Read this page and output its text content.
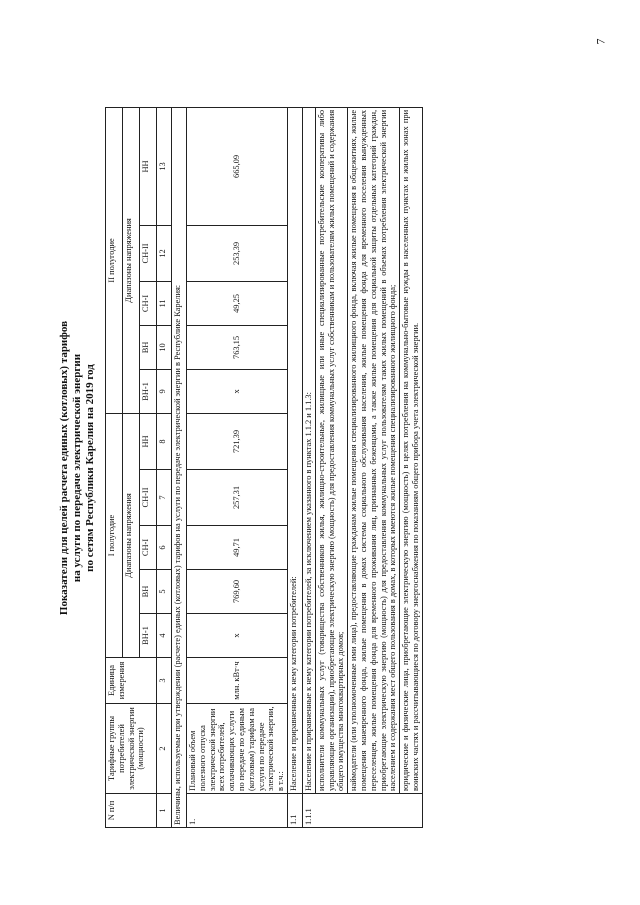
7
Показатели для целей расчета единых (котловых) тарифов на услуги по передаче электрической энергии по сетям Республики Карелия на 2019 год
N п/п	Тарифные группы потребителей электрической энергии (мощности)	Единица измерения	I полугодие					II полугодие				
			Диапазоны напряжения					Диапазоны напряжения				
			ВН-1	ВН	СН-I	СН-II	НН	ВН-1	ВН	СН-I	СН-II	НН
1	2	3	4	5	6	7	8	9	10	11	12	13
Величины, используемые при утверждении (расчете) единых (котловых) тарифов на услуги по передаче электрической энергии в Республике Карелия:												
1.	Плановый объем полезного отпуска электрической энергии всех потребителей, оплачивающих услуги по передаче по единым (котловым) тарифам на услуги по передаче электрической энергии, в т.ч.:	млн. кВт·ч	х	769,60	49,71	257,31	721,39	х	763,15	49,25	253,39	665,09
1.1	Население и приравненные к нему категории потребителей:											
1.1.1	Население и приравненные к нему категории потребителей, за исключением указанного в пунктах 1.1.2 и 1.1.3:											
	исполнители коммунальных услуг (товарищества собственников жилья, жилищно-строительные, жилищные или иные специализированные потребительские кооперативы либо управляющие организации), приобретающие электрическую энергию (мощность) для предоставления коммунальных услуг собственникам и пользователям жилых помещений и содержания общего имущества многоквартирных домов;											
	наймодатели (или уполномоченные ими лица), предоставляющие гражданам жилые помещения специализированного жилищного фонда, включая жилые помещения в общежитиях, жилые помещения маневренного фонда, жилые помещения в домах системы социального обслуживания населения, жилые помещения фонда для временного поселения вынужденных переселенцев, жилые помещения фонда для временного проживания лиц, признанных беженцами, а также жилые помещения для социальной защиты отдельных категорий граждан, приобретающие электрическую энергию (мощность) для предоставления коммунальных услуг пользователям таких жилых помещений в объемах потребления электрической энергии населением и содержания мест общего пользования в домах, в которых имеются жилые помещения специализированного жилищного фонда;											
	юридические и физические лица, приобретающие электрическую энергию (мощность) в целях потребления на коммунально-бытовые нужды в населенных пунктах и жилых зонах при воинских частях и рассчитывающиеся по договору энергоснабжения по показаниям общего прибора учета электрической энергии.											
